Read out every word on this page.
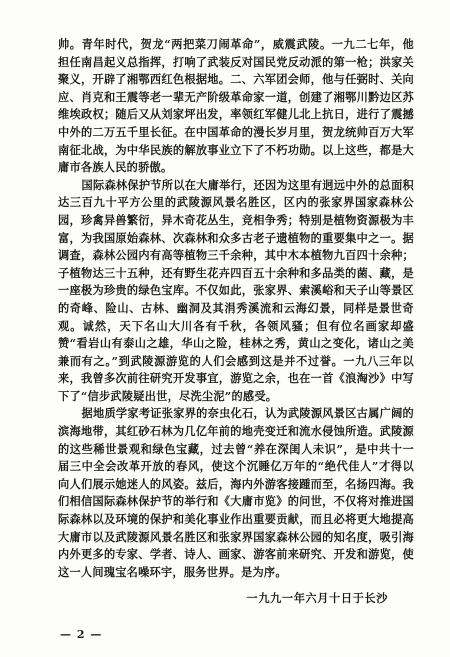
帅。青年时代，贺龙“两把菜刀闹革命”，威震武陵。一九二七年，他担任南昌起义总指挥，打响了武装反对国民党反动派的第一枪；洪家关聚义，开辟了湘鄂西红色根据地。二、六军团会师，他与任弼时、关向应、肖克和王震等老一辈无产阶级革命家一道，创建了湘鄂川黔边区苏维埃政权；随后又从刘家坪出发，率领红军健儿北上抗日，进行了震撼中外的二万五千里长征。在中国革命的漫长岁月里，贺龙统帅百万大军南征北战，为中华民族的解放事业立下了不朽功勋。以上这些，都是大庸市各族人民的骄傲。

国际森林保护节所以在大庸举行，还因为这里有迥远中外的总面积达三百九十平方公里的武陵源风景名胜区，区内的张家界国家森林公园，珍禽异兽繁衍，异木奇花丛生，竞相争秀；特别是植物资源极为丰富，为我国原始森林、次森林和众多古老子遗植物的重要集中之一。据调查，森林公园内有高等植物三千余种，其中木本植物九百四十余种；子植物达三十五种，还有野生花卉四百五十余种和多品类的菌、藏，是一座极为珍贵的绿色宝库。不仅如此，张家界、索溪峪和天子山等景区的奇峰、险山、古林、幽洞及其涓秀溪流和云海幻景，同样是景世奇观。诚然，天下名山大川各有千秋，各领风骚；但有位名画家却盛赞“看岩山有泰山之雄，华山之险，桂林之秀，黄山之变化，诸山之美兼而有之。”到武陵源游览的人们会感到这是并不过誉。一九八三年以来，我曾多次前往研究开发事宜，游览之余，也在一首《浪淘沙》中写下了“信步武陵疑出世，尽洗尘泥”的感受。

据地质学家考证张家界的奈虫化石，认为武陵源风景区古属广阔的滨海地带，其红砂石林为几亿年前的地壳变迁和流水侵蚀所造。武陵源的这些稀世景观和绿色宝藏，过去曾“养在深闺人未识”，是中共十一届三中全会改革开放的春风，使这个沉睡亿万年的“绝代佳人”才得以向人们展示她迷人的风姿。兹后，海内外游客接踵而至，名扬四海。我们相信国际森林保护节的举行和《大庸市览》的问世，不仅将对推进国际森林以及环境的保护和美化事业作出重要贡献，而且必将更大地提高大庸市以及武陵源风景名胜区和张家界国家森林公园的知名度，吸引海内外更多的专家、学者、诗人、画家、游客前来研究、开发和游览，使这一人间瑰宝名噪环宇，服务世界。是为序。

一九九一年六月十日于长沙
— 2 —
